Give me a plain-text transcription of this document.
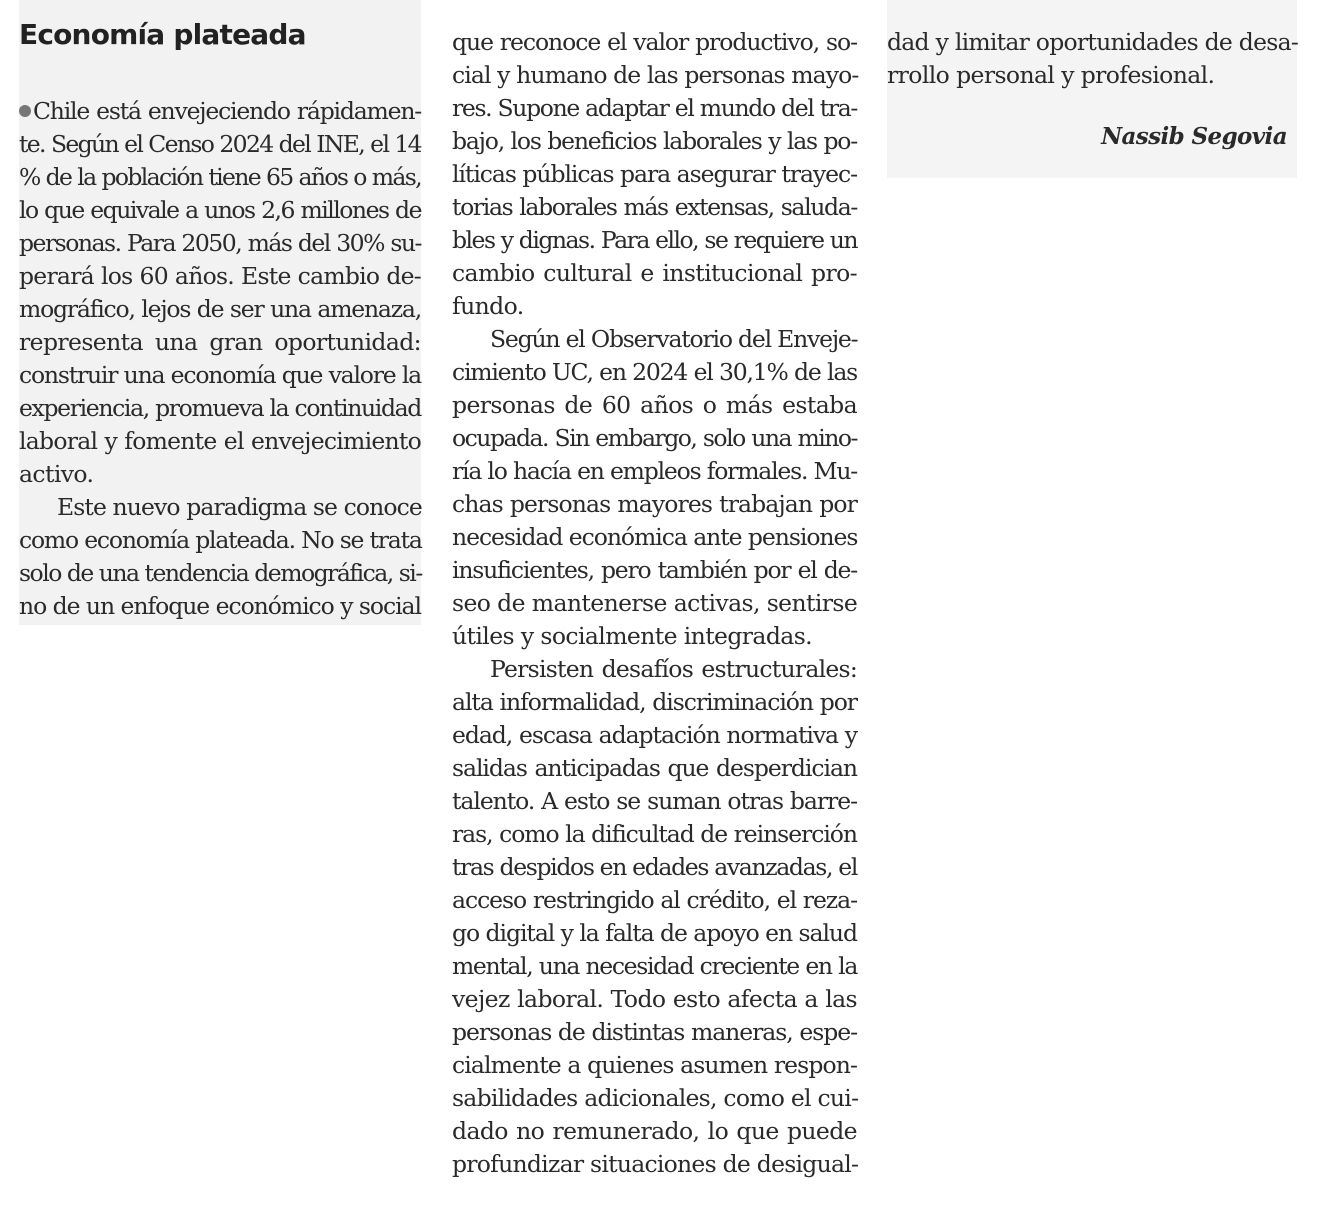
Economía plateada
Chile está envejeciendo rápidamen-
te. Según el Censo 2024 del INE, el 14
% de la población tiene 65 años o más,
lo que equivale a unos 2,6 millones de
personas. Para 2050, más del 30% su-
perará los 60 años. Este cambio de-
mográfico, lejos de ser una amenaza,
representa una gran oportunidad:
construir una economía que valore la
experiencia, promueva la continuidad
laboral y fomente el envejecimiento
activo.
Este nuevo paradigma se conoce
como economía plateada. No se trata
solo de una tendencia demográfica, si-
no de un enfoque económico y social
que reconoce el valor productivo, so-
cial y humano de las personas mayo-
res. Supone adaptar el mundo del tra-
bajo, los beneficios laborales y las po-
líticas públicas para asegurar trayec-
torias laborales más extensas, saluda-
bles y dignas. Para ello, se requiere un
cambio cultural e institucional pro-
fundo.
Según el Observatorio del Enveje-
cimiento UC, en 2024 el 30,1% de las
personas de 60 años o más estaba
ocupada. Sin embargo, solo una mino-
ría lo hacía en empleos formales. Mu-
chas personas mayores trabajan por
necesidad económica ante pensiones
insuficientes, pero también por el de-
seo de mantenerse activas, sentirse
útiles y socialmente integradas.
Persisten desafíos estructurales:
alta informalidad, discriminación por
edad, escasa adaptación normativa y
salidas anticipadas que desperdician
talento. A esto se suman otras barre-
ras, como la dificultad de reinserción
tras despidos en edades avanzadas, el
acceso restringido al crédito, el reza-
go digital y la falta de apoyo en salud
mental, una necesidad creciente en la
vejez laboral. Todo esto afecta a las
personas de distintas maneras, espe-
cialmente a quienes asumen respon-
sabilidades adicionales, como el cui-
dado no remunerado, lo que puede
profundizar situaciones de desigual-
dad y limitar oportunidades de desa-
rrollo personal y profesional.
Nassib Segovia
